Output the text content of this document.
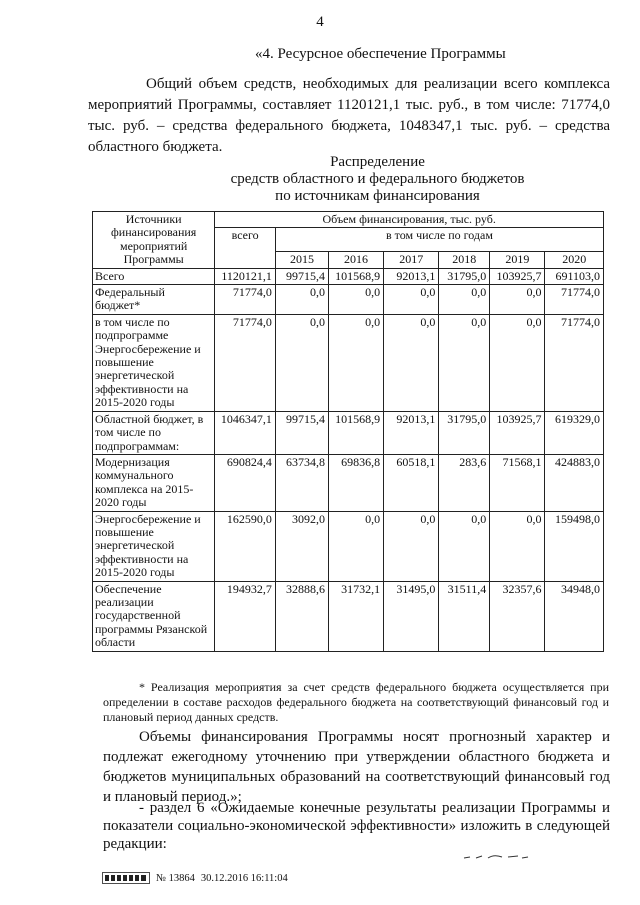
4
«4. Ресурсное обеспечение Программы

Общий объем средств, необходимых для реализации всего комплекса мероприятий Программы, составляет 1120121,1 тыс. руб., в том числе: 71774,0 тыс. руб. – средства федерального бюджета, 1048347,1 тыс. руб. – средства областного бюджета.

Распределение
средств областного и федерального бюджетов
по источникам финансирования
Источники финансирования мероприятий Программы	Объем финансирования, тыс. руб.						
	всего	в том числе по годам					
		2015	2016	2017	2018	2019	2020
Всего	1120121,1	99715,4	101568,9	92013,1	31795,0	103925,7	691103,0
Федеральный бюджет*	71774,0	0,0	0,0	0,0	0,0	0,0	71774,0
в том числе по подпрограмме Энергосбережение и повышение энергетической эффективности на 2015-2020 годы	71774,0	0,0	0,0	0,0	0,0	0,0	71774,0
Областной бюджет, в том числе по подпрограммам:	1046347,1	99715,4	101568,9	92013,1	31795,0	103925,7	619329,0
Модернизация коммунального комплекса на 2015-2020 годы	690824,4	63734,8	69836,8	60518,1	283,6	71568,1	424883,0
Энергосбережение и повышение энергетической эффективности на 2015-2020 годы	162590,0	3092,0	0,0	0,0	0,0	0,0	159498,0
Обеспечение реализации государственной программы Рязанской области	194932,7	32888,6	31732,1	31495,0	31511,4	32357,6	34948,0

* Реализация мероприятия за счет средств федерального бюджета осуществляется при определении в составе расходов федерального бюджета на соответствующий финансовый год и плановый период данных средств.

Объемы финансирования Программы носят прогнозный характер и подлежат ежегодному уточнению при утверждении областного бюджета и бюджетов муниципальных образований на соответствующий финансовый год и плановый период.»;

- раздел 6 «Ожидаемые конечные результаты реализации Программы и показатели социально-экономической эффективности» изложить в следующей редакции:

№ 13864 30.12.2016 16:11:04
